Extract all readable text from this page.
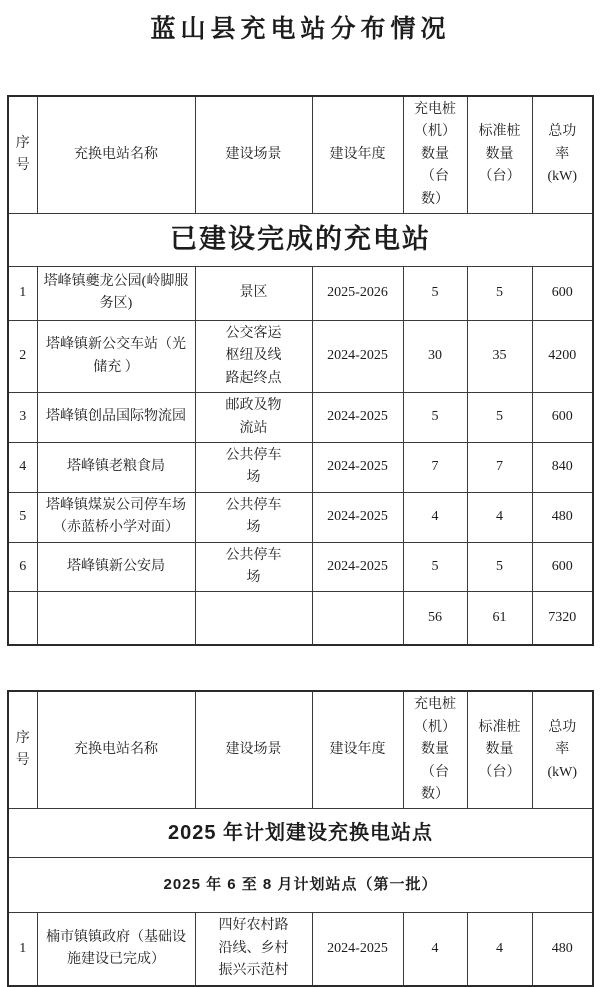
蓝山县充电站分布情况
已建设完成的充电站						
序号	充换电站名称	建设场景	建设年度	充电桩（机）数量（台数）	标准桩数量（台）	总功率(kW)
1	塔峰镇夔龙公园(岭脚服务区)	景区	2025-2026	5	5	600
2	塔峰镇新公交车站（光储充 ）	公交客运枢纽及线路起终点	2024-2025	30	35	4200
3	塔峰镇创品国际物流园	邮政及物流站	2024-2025	5	5	600
4	塔峰镇老粮食局	公共停车场	2024-2025	7	7	840
5	塔峰镇煤炭公司停车场（赤蓝桥小学对面）	公共停车场	2024-2025	4	4	480
6	塔峰镇新公安局	公共停车场	2024-2025	5	5	600
				56	61	7320
2025 年计划建设充换电站点						
2025 年 6 至 8 月计划站点（第一批）						
序号	充换电站名称	建设场景	建设年度	充电桩（机）数量（台数）	标准桩数量（台）	总功率(kW)
1	楠市镇镇政府（基础设施建设已完成）	四好农村路沿线、乡村振兴示范村	2024-2025	4	4	480
